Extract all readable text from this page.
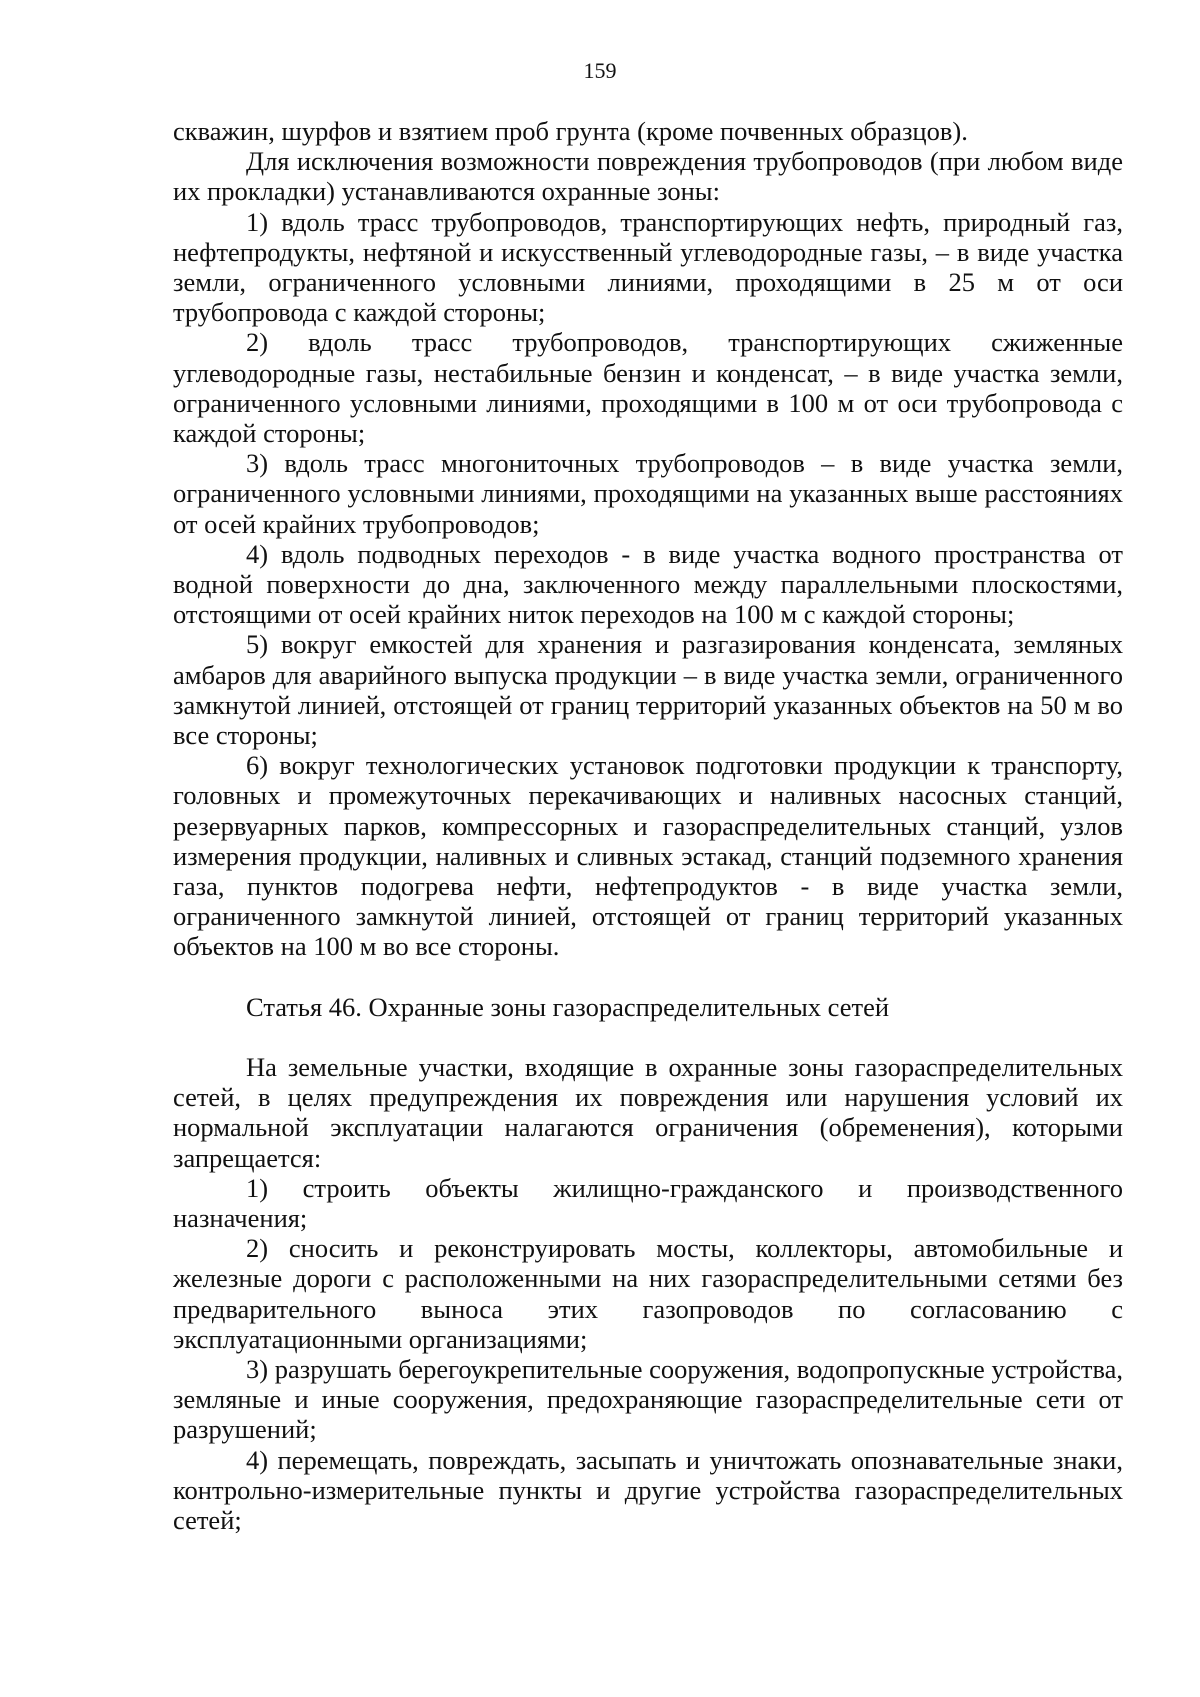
159

скважин, шурфов и взятием проб грунта (кроме почвенных образцов).

Для исключения возможности повреждения трубопроводов (при любом виде их прокладки) устанавливаются охранные зоны:

1) вдоль трасс трубопроводов, транспортирующих нефть, природный газ, нефтепродукты, нефтяной и искусственный углеводородные газы, – в виде участка земли, ограниченного условными линиями, проходящими в 25 м от оси трубопровода с каждой стороны;

2) вдоль трасс трубопроводов, транспортирующих сжиженные углеводородные газы, нестабильные бензин и конденсат, – в виде участка земли, ограниченного условными линиями, проходящими в 100 м от оси трубопровода с каждой стороны;

3) вдоль трасс многониточных трубопроводов – в виде участка земли, ограниченного условными линиями, проходящими на указанных выше расстояниях от осей крайних трубопроводов;

4) вдоль подводных переходов - в виде участка водного пространства от водной поверхности до дна, заключенного между параллельными плоскостями, отстоящими от осей крайних ниток переходов на 100 м с каждой стороны;

5) вокруг емкостей для хранения и разгазирования конденсата, земляных амбаров для аварийного выпуска продукции – в виде участка земли, ограниченного замкнутой линией, отстоящей от границ территорий указанных объектов на 50 м во все стороны;

6) вокруг технологических установок подготовки продукции к транспорту, головных и промежуточных перекачивающих и наливных насосных станций, резервуарных парков, компрессорных и газораспределительных станций, узлов измерения продукции, наливных и сливных эстакад, станций подземного хранения газа, пунктов подогрева нефти, нефтепродуктов - в виде участка земли, ограниченного замкнутой линией, отстоящей от границ территорий указанных объектов на 100 м во все стороны.

Статья 46. Охранные зоны газораспределительных сетей

На земельные участки, входящие в охранные зоны газораспределительных сетей, в целях предупреждения их повреждения или нарушения условий их нормальной эксплуатации налагаются ограничения (обременения), которыми запрещается:

1) строить объекты жилищно-гражданского и производственного назначения;

2) сносить и реконструировать мосты, коллекторы, автомобильные и железные дороги с расположенными на них газораспределительными сетями без предварительного выноса этих газопроводов по согласованию с эксплуатационными организациями;

3) разрушать берегоукрепительные сооружения, водопропускные устройства, земляные и иные сооружения, предохраняющие газораспределительные сети от разрушений;

4) перемещать, повреждать, засыпать и уничтожать опознавательные знаки, контрольно-измерительные пункты и другие устройства газораспределительных сетей;
